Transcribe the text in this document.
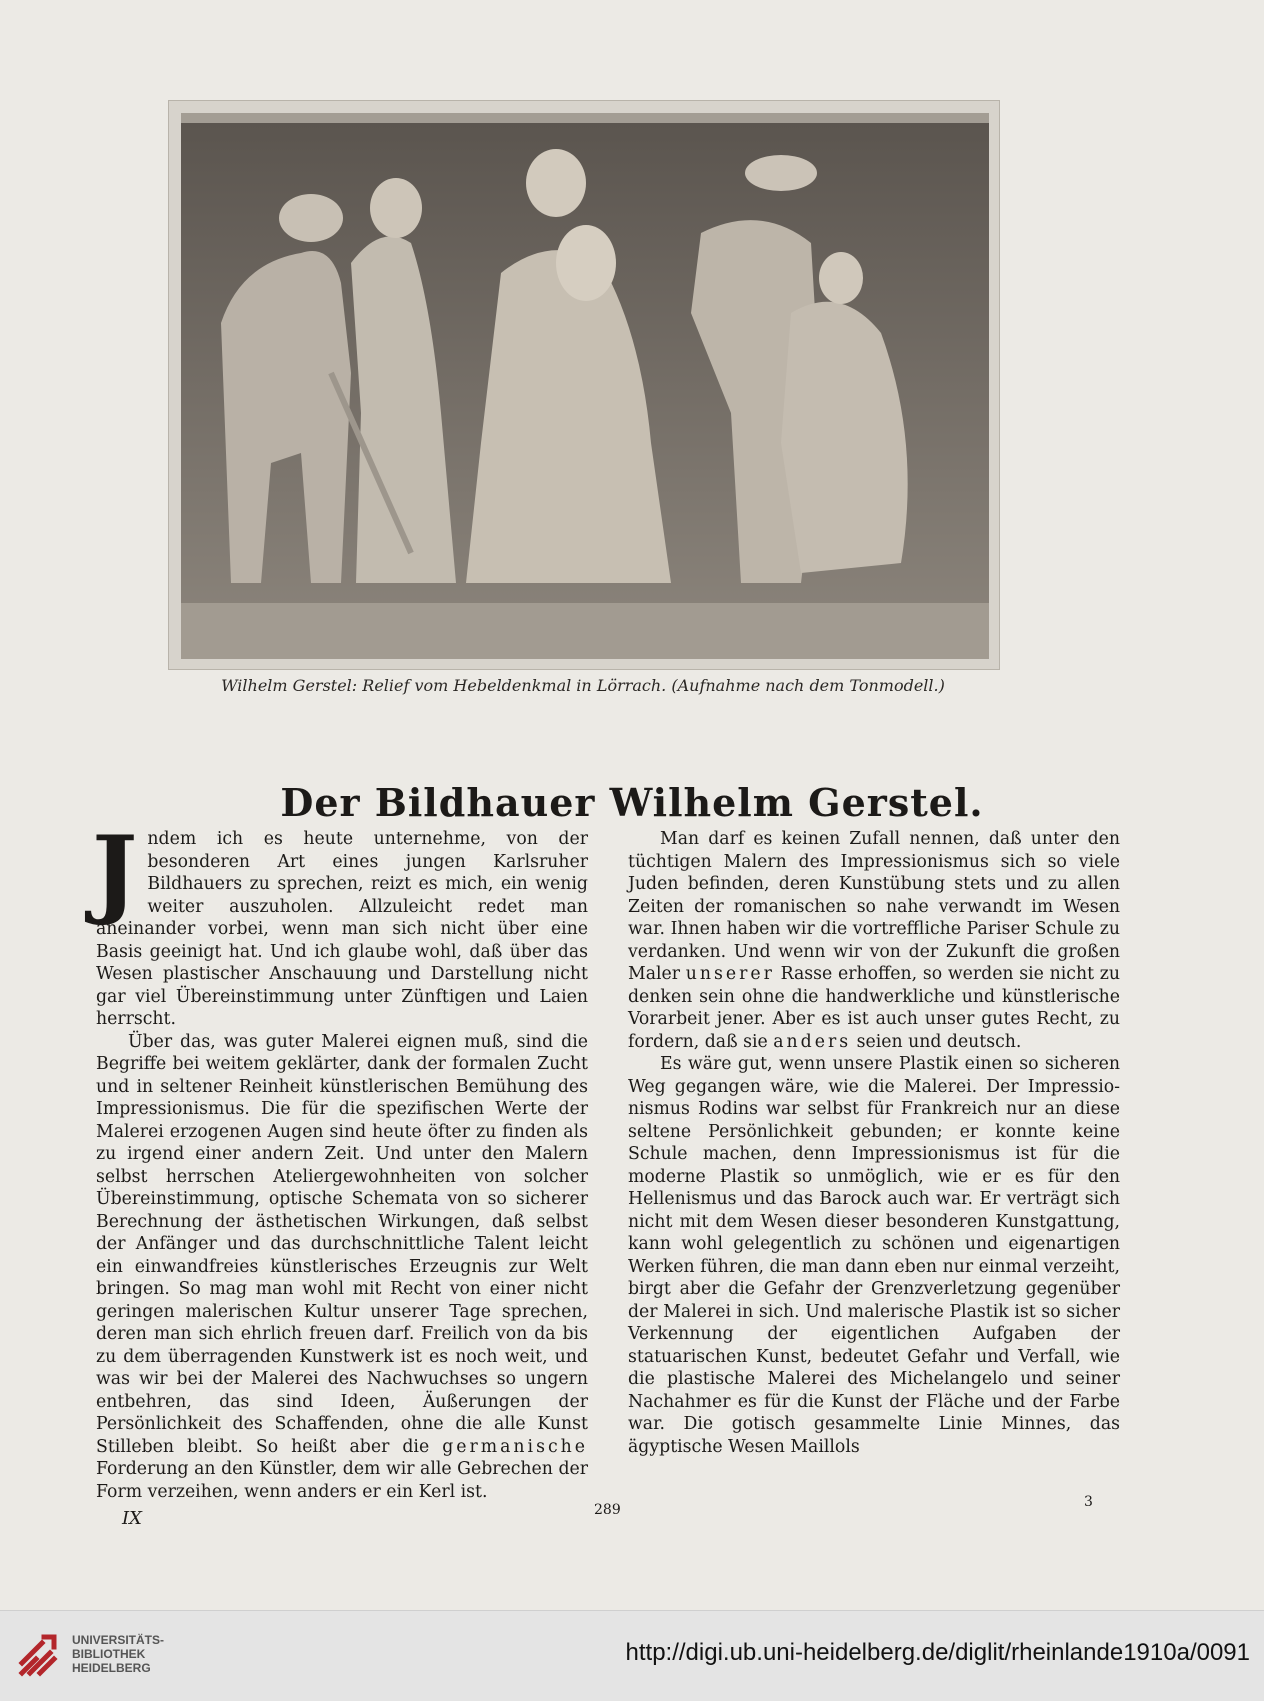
Wilhelm Gerstel: Relief vom Hebeldenkmal in Lörrach. (Aufnahme nach dem Tonmodell.)
Der Bildhauer Wilhelm Gerstel.

Jndem ich es heute unternehme, von der besonderen Art eines jungen Karlsruher Bildhauers zu sprechen, reizt es mich, ein wenig weiter auszuholen. Allzuleicht redet man aneinander vorbei, wenn man sich nicht über eine Basis geeinigt hat. Und ich glaube wohl, daß über das Wesen plastischer Anschauung und Darstellung nicht gar viel Übereinstimmung unter Zünftigen und Laien herrscht.

Über das, was guter Malerei eignen muß, sind die Begriffe bei weitem geklärter, dank der formalen Zucht und in seltener Reinheit künstlerischen Bemühung des Impressionismus. Die für die spezifischen Werte der Malerei erzogenen Augen sind heute öfter zu finden als zu irgend einer andern Zeit. Und unter den Malern selbst herrschen Ateliergewohnheiten von solcher Übereinstimmung, optische Schemata von so sicherer Berechnung der ästhetischen Wirkungen, daß selbst der Anfänger und das durchschnittliche Talent leicht ein einwandfreies künstlerisches Erzeugnis zur Welt bringen. So mag man wohl mit Recht von einer nicht geringen malerischen Kultur unserer Tage sprechen, deren man sich ehrlich freuen darf. Freilich von da bis zu dem überragenden Kunstwerk ist es noch weit, und was wir bei der Malerei des Nachwuchses so ungern entbehren, das sind Ideen, Äußerungen der Persönlichkeit des Schaffenden, ohne die alle Kunst Stilleben bleibt. So heißt aber die germanische Forderung an den Künstler, dem wir alle Gebrechen der Form verzeihen, wenn anders er ein Kerl ist.

Man darf es keinen Zufall nennen, daß unter den tüchtigen Malern des Impressionismus sich so viele Juden befinden, deren Kunstübung stets und zu allen Zeiten der romanischen so nahe verwandt im Wesen war. Ihnen haben wir die vortreffliche Pariser Schule zu verdanken. Und wenn wir von der Zukunft die großen Maler unserer Rasse erhoffen, so werden sie nicht zu denken sein ohne die handwerkliche und künstlerische Vorarbeit jener. Aber es ist auch unser gutes Recht, zu fordern, daß sie anders seien und deutsch.

Es wäre gut, wenn unsere Plastik einen so sicheren Weg gegangen wäre, wie die Malerei. Der Impressionismus Rodins war selbst für Frankreich nur an diese seltene Persönlichkeit gebunden; er konnte keine Schule machen, denn Impressionismus ist für die moderne Plastik so unmöglich, wie er es für den Hellenismus und das Barock auch war. Er verträgt sich nicht mit dem Wesen dieser besonderen Kunstgattung, kann wohl gelegentlich zu schönen und eigenartigen Werken führen, die man dann eben nur einmal verzeiht, birgt aber die Gefahr der Grenzverletzung gegenüber der Malerei in sich. Und malerische Plastik ist so sicher Verkennung der eigentlichen Aufgaben der statuarischen Kunst, bedeutet Gefahr und Verfall, wie die plastische Malerei des Michelangelo und seiner Nachahmer es für die Kunst der Fläche und der Farbe war. Die gotisch gesammelte Linie Minnes, das ägyptische Wesen Maillols

IX	289	3
UNIVERSITÄTS-
BIBLIOTHEK
HEIDELBERG
http://digi.ub.uni-heidelberg.de/diglit/rheinlande1910a/0091
